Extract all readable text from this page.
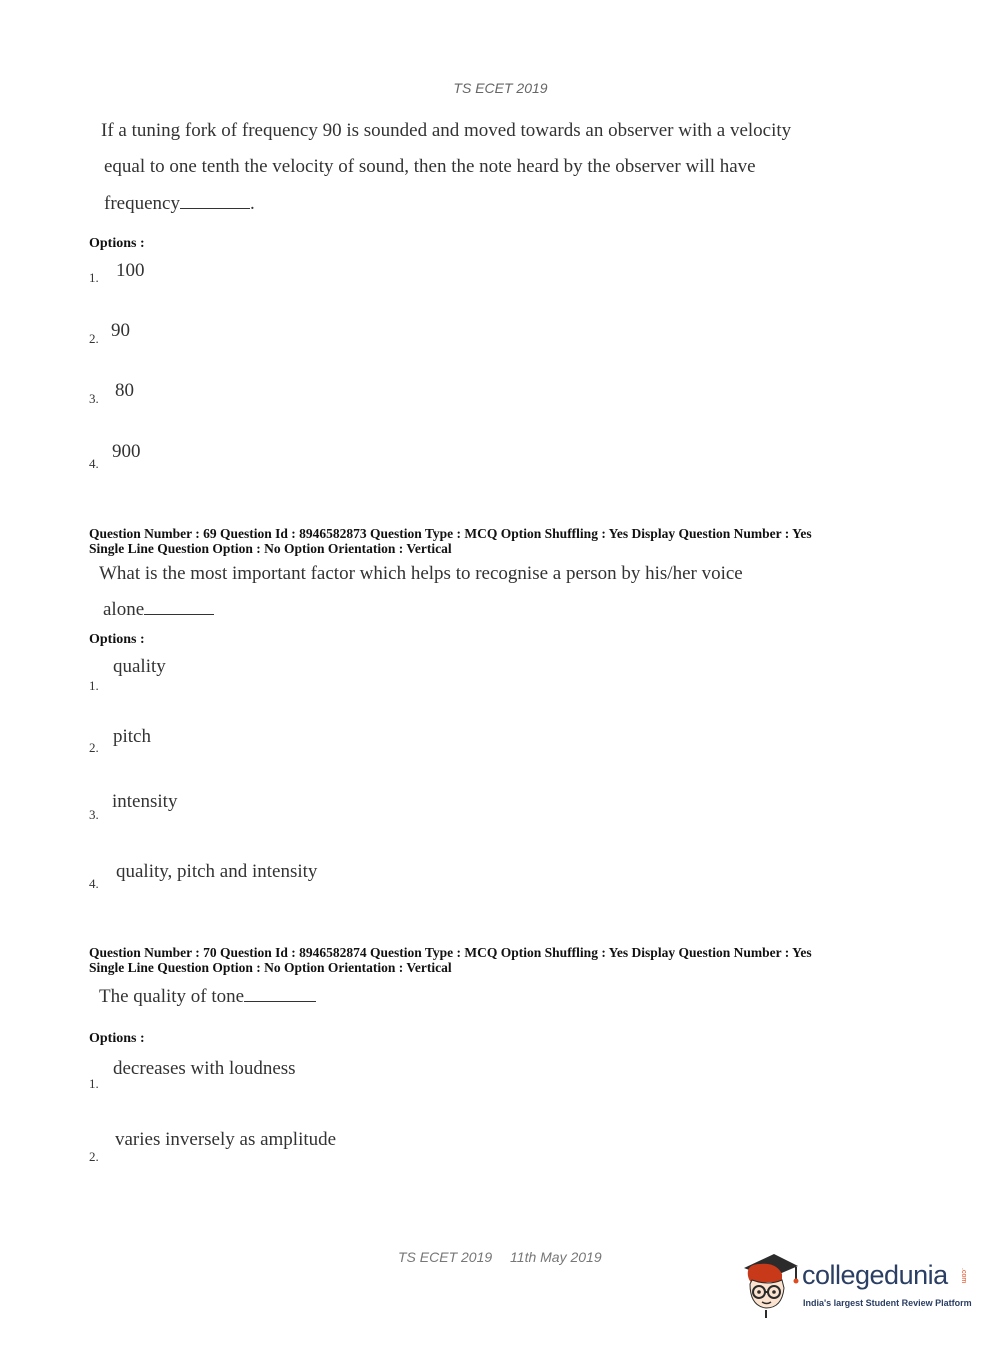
TS ECET 2019
If a tuning fork of frequency 90 is sounded and moved towards an observer with a velocity
equal to one tenth the velocity of sound, then the note heard by the observer will have
frequency	.
Options :
1. 100
2. 90
3. 80
4.
900
Question Number : 69 Question Id : 8946582873 Question Type : MCQ Option Shuffling : Yes Display Question Number : Yes
Single Line Question Option : No Option Orientation : Vertical
What is the most important factor which helps to recognise a person by his/her voice
alone
Options :
1.
quality
2.
pitch
3.
intensity
4.
quality, pitch and intensity
Question Number : 70 Question Id : 8946582874 Question Type : MCQ Option Shuffling : Yes Display Question Number : Yes
Single Line Question Option : No Option Orientation : Vertical
The quality of tone
Options :
1.
decreases with loudness
2.
varies inversely as amplitude
TS ECET 2019 11th May 2019
collegedunia .com
India's largest Student Review Platform
